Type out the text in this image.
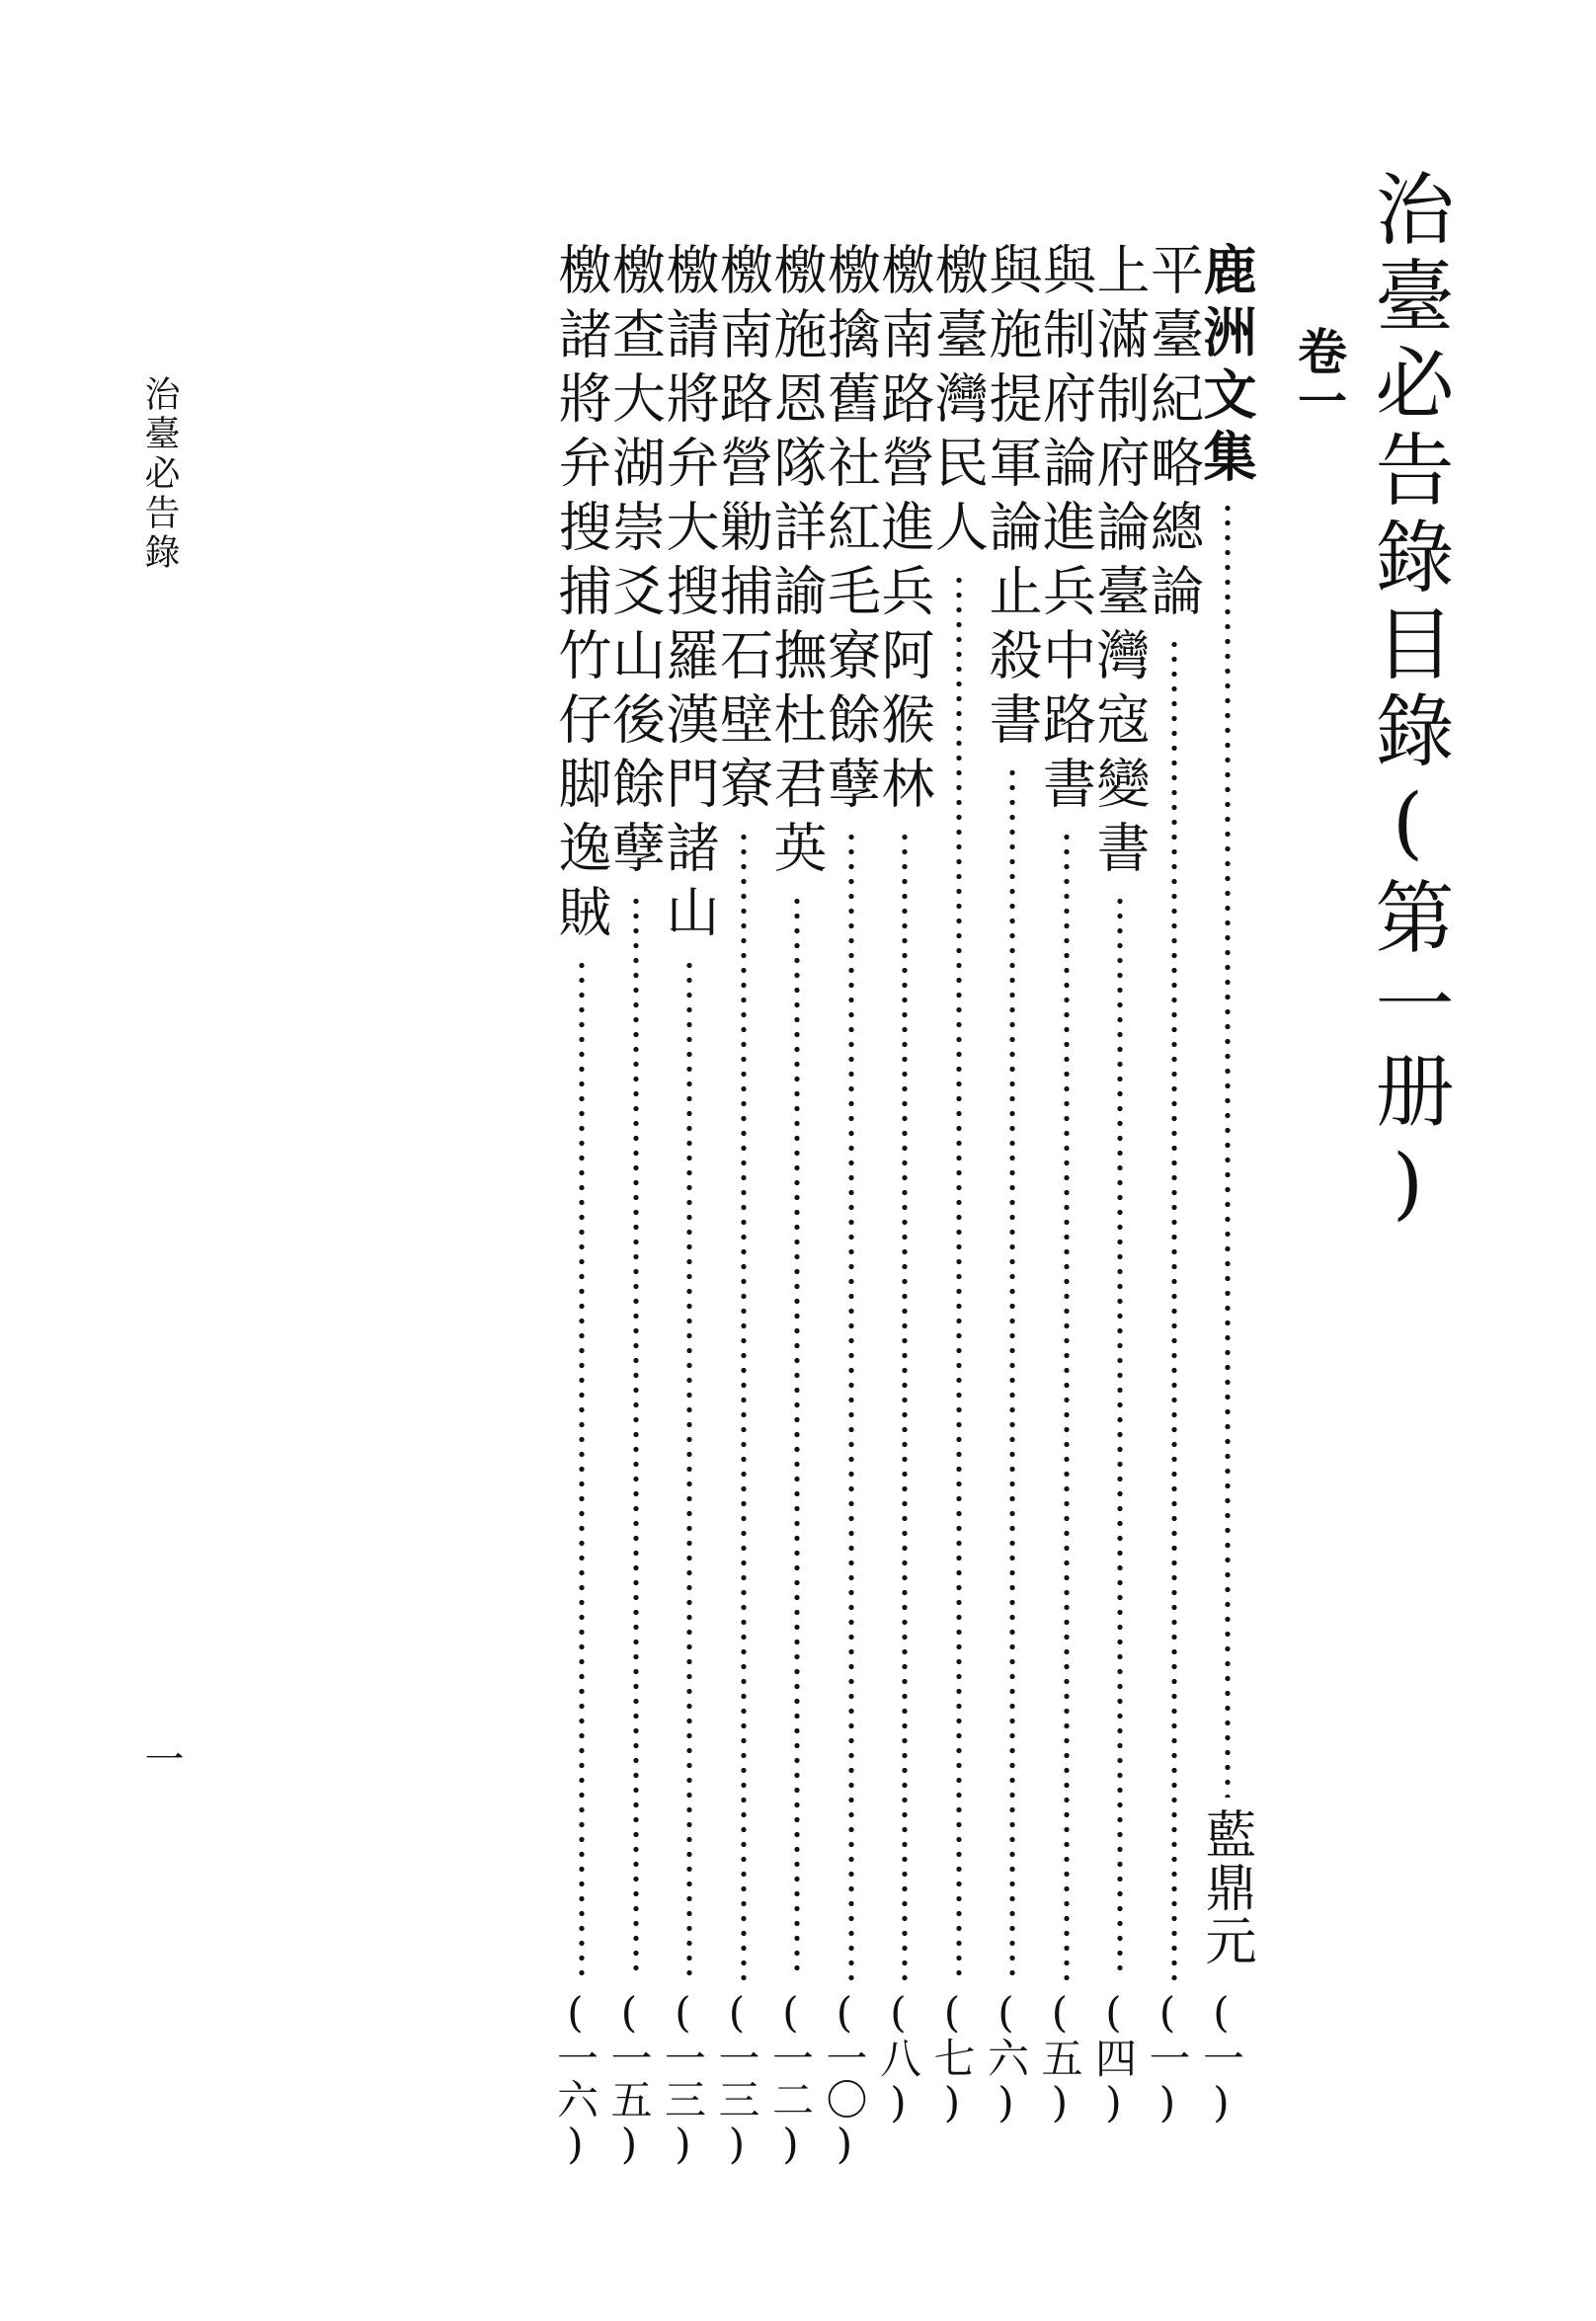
治臺必告錄目錄(第一册)
卷一
鹿洲文集
藍鼎元
(一)
平臺紀略總論
(一)
上滿制府論臺灣寇變書
(四)
與制府論進兵中路書
(五)
與施提軍論止殺書
(六)
檄臺灣民人
(七)
檄南路營進兵阿猴林
(八)
檄擒舊社紅毛寮餘孽
(一〇)
檄施恩隊詳諭撫杜君英
(一二)
檄南路營勦捕石壁寮
(一三)
檄請將弁大搜羅漢門諸山
(一三)
檄查大湖崇爻山後餘孽
(一五)
檄諸將弁搜捕竹仔脚逸賊
(一六)
治臺必告錄
一
